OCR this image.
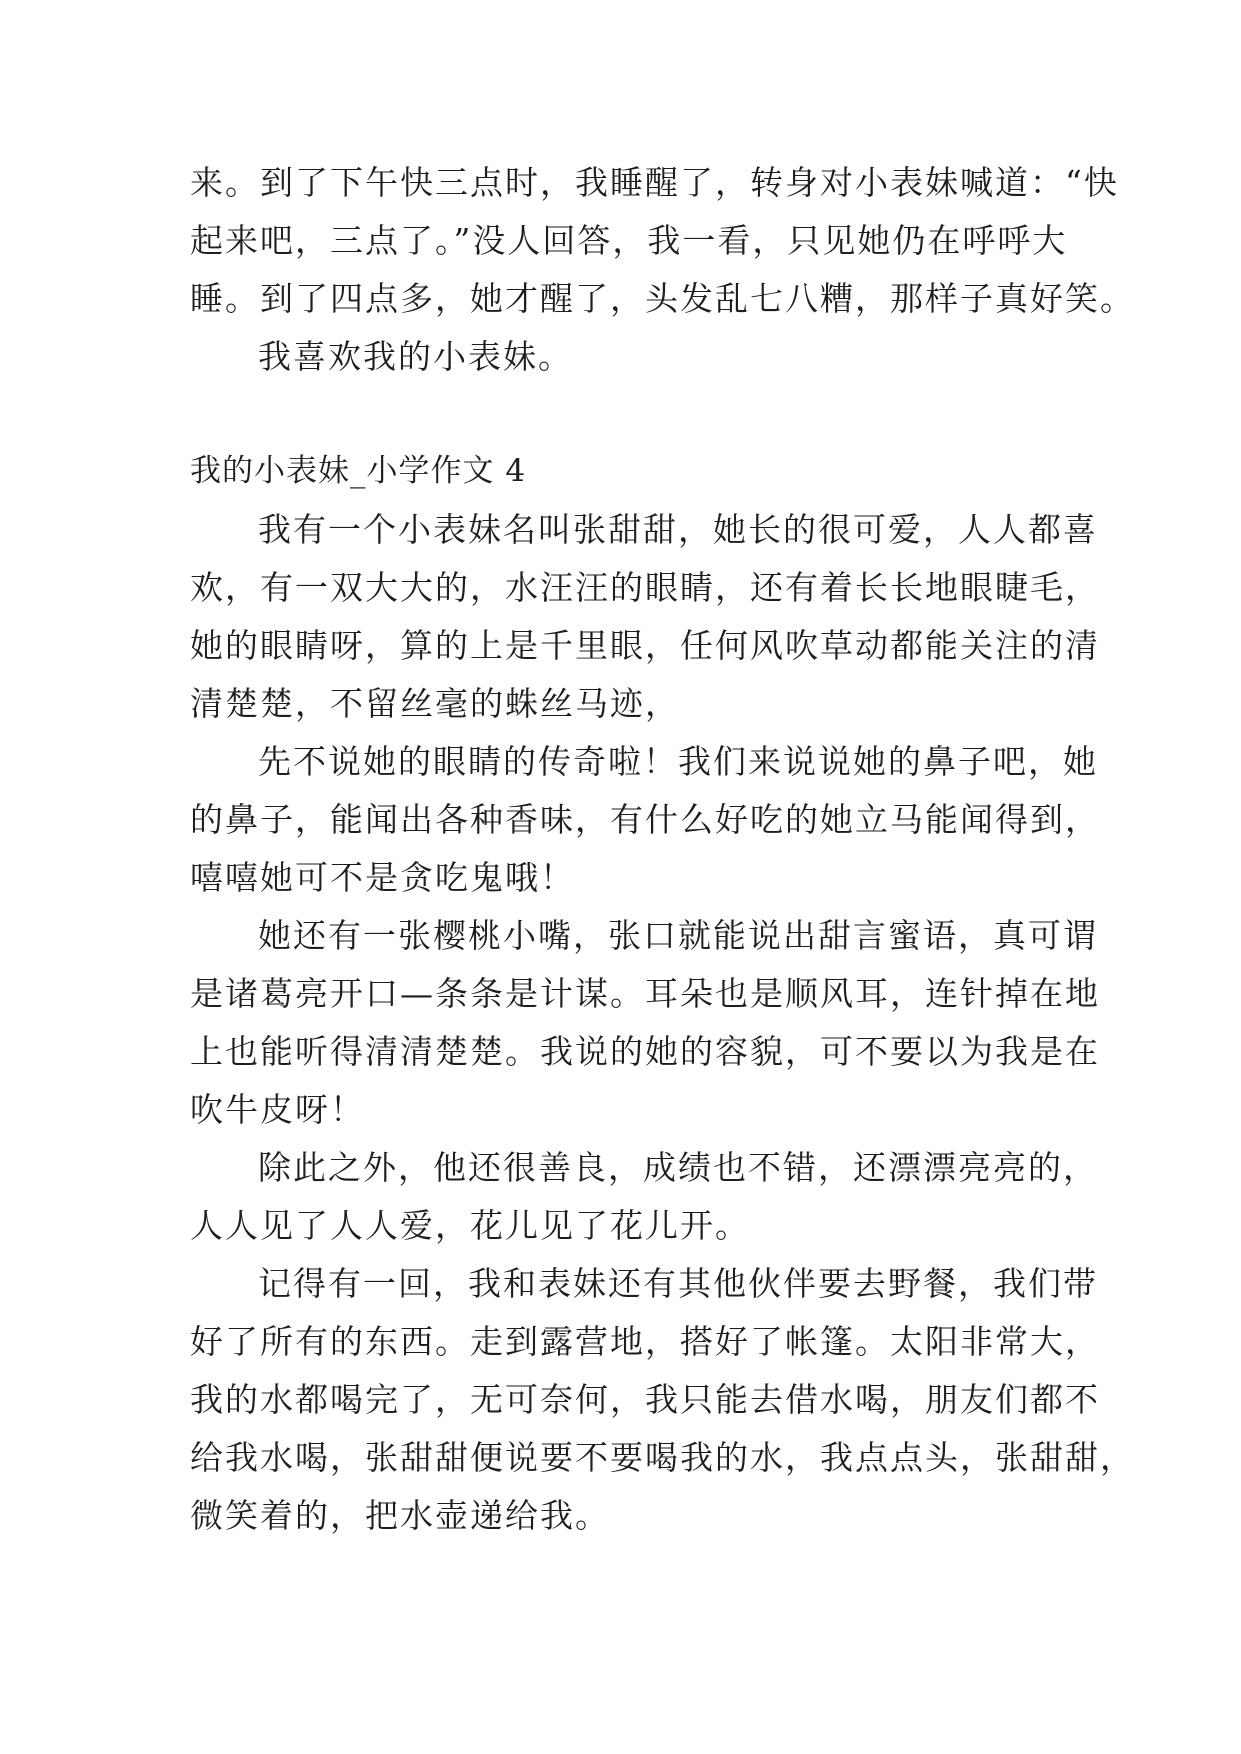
来。到了下午快三点时，我睡醒了，转身对小表妹喊道：“快
起来吧，三点了。”没人回答，我一看，只见她仍在呼呼大
睡。到了四点多，她才醒了，头发乱七八糟，那样子真好笑。
我喜欢我的小表妹。
我的小表妹_小学作文 4
我有一个小表妹名叫张甜甜，她长的很可爱，人人都喜
欢，有一双大大的，水汪汪的眼睛，还有着长长地眼睫毛，
她的眼睛呀，算的上是千里眼，任何风吹草动都能关注的清
清楚楚，不留丝毫的蛛丝马迹，
先不说她的眼睛的传奇啦！我们来说说她的鼻子吧，她
的鼻子，能闻出各种香味，有什么好吃的她立马能闻得到，
嘻嘻她可不是贪吃鬼哦！
她还有一张樱桃小嘴，张口就能说出甜言蜜语，真可谓
是诸葛亮开口—条条是计谋。耳朵也是顺风耳，连针掉在地
上也能听得清清楚楚。我说的她的容貌，可不要以为我是在
吹牛皮呀！
除此之外，他还很善良，成绩也不错，还漂漂亮亮的，
人人见了人人爱，花儿见了花儿开。
记得有一回，我和表妹还有其他伙伴要去野餐，我们带
好了所有的东西。走到露营地，搭好了帐篷。太阳非常大，
我的水都喝完了，无可奈何，我只能去借水喝，朋友们都不
给我水喝，张甜甜便说要不要喝我的水，我点点头，张甜甜，
微笑着的，把水壶递给我。
